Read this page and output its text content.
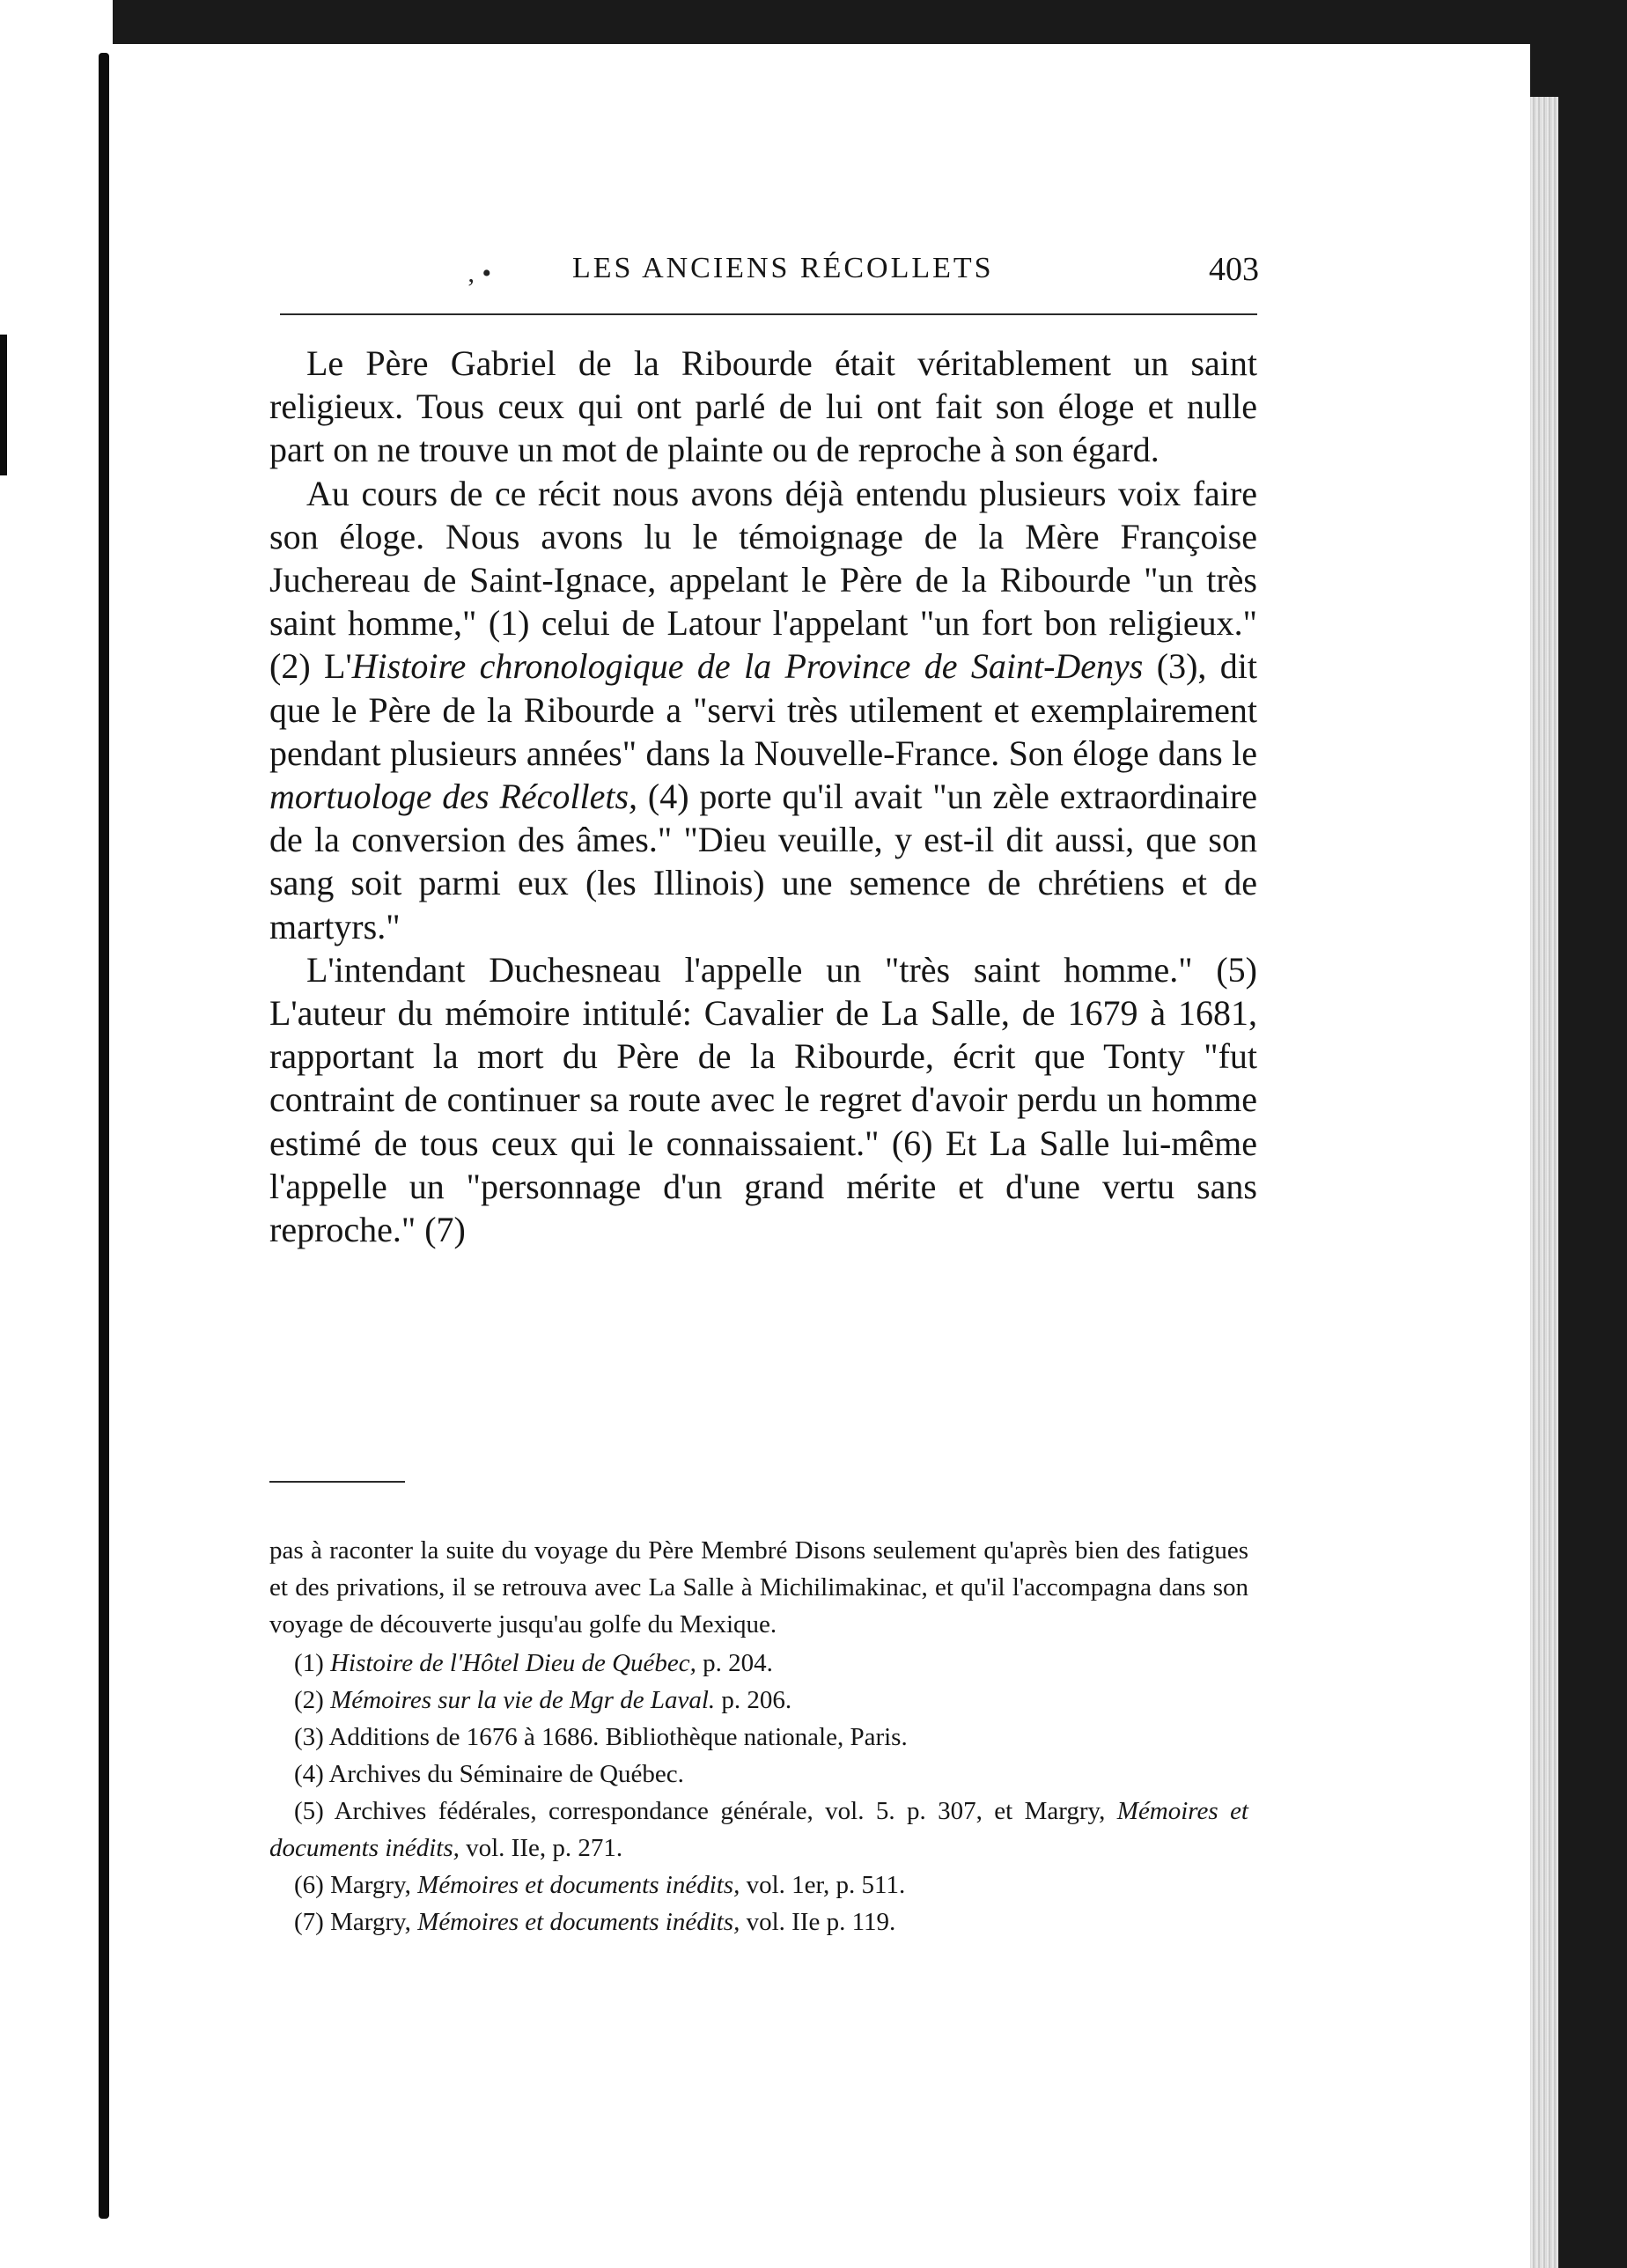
‚ •	LES ANCIENS RÉCOLLETS	403

Le Père Gabriel de la Ribourde était véritablement un saint religieux. Tous ceux qui ont parlé de lui ont fait son éloge et nulle part on ne trouve un mot de plainte ou de reproche à son égard.

Au cours de ce récit nous avons déjà entendu plusieurs voix faire son éloge. Nous avons lu le témoignage de la Mère Françoise Juchereau de Saint-Ignace, appelant le Père de la Ribourde "un très saint homme," (1) celui de Latour l'appelant "un fort bon religieux." (2) L'Histoire chronologique de la Province de Saint-Denys (3), dit que le Père de la Ribourde a "servi très utilement et exemplairement pendant plusieurs années" dans la Nouvelle-France. Son éloge dans le mortuologe des Récollets, (4) porte qu'il avait "un zèle extraordinaire de la conversion des âmes." "Dieu veuille, y est-il dit aussi, que son sang soit parmi eux (les Illinois) une semence de chrétiens et de martyrs."

L'intendant Duchesneau l'appelle un "très saint homme." (5) L'auteur du mémoire intitulé: Cavalier de La Salle, de 1679 à 1681, rapportant la mort du Père de la Ribourde, écrit que Tonty "fut contraint de continuer sa route avec le regret d'avoir perdu un homme estimé de tous ceux qui le connaissaient." (6) Et La Salle lui-même l'appelle un "personnage d'un grand mérite et d'une vertu sans reproche." (7)

pas à raconter la suite du voyage du Père Membré Disons seulement qu'après bien des fatigues et des privations, il se retrouva avec La Salle à Michilimakinac, et qu'il l'accompagna dans son voyage de découverte jusqu'au golfe du Mexique.

(1) Histoire de l'Hôtel Dieu de Québec, p. 204.

(2) Mémoires sur la vie de Mgr de Laval. p. 206.

(3) Additions de 1676 à 1686. Bibliothèque nationale, Paris.

(4) Archives du Séminaire de Québec.

(5) Archives fédérales, correspondance générale, vol. 5. p. 307, et Margry, Mémoires et documents inédits, vol. IIe, p. 271.

(6) Margry, Mémoires et documents inédits, vol. 1er, p. 511.

(7) Margry, Mémoires et documents inédits, vol. IIe p. 119.
